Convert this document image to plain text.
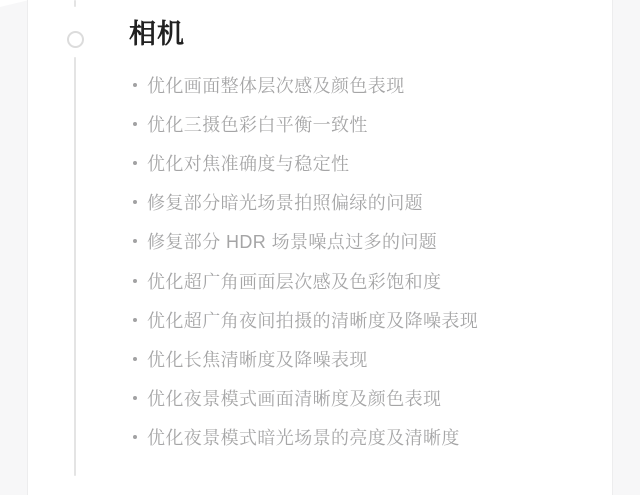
相机
优化画面整体层次感及颜色表现
优化三摄色彩白平衡一致性
优化对焦准确度与稳定性
修复部分暗光场景拍照偏绿的问题
修复部分 HDR 场景噪点过多的问题
优化超广角画面层次感及色彩饱和度
优化超广角夜间拍摄的清晰度及降噪表现
优化长焦清晰度及降噪表现
优化夜景模式画面清晰度及颜色表现
优化夜景模式暗光场景的亮度及清晰度
